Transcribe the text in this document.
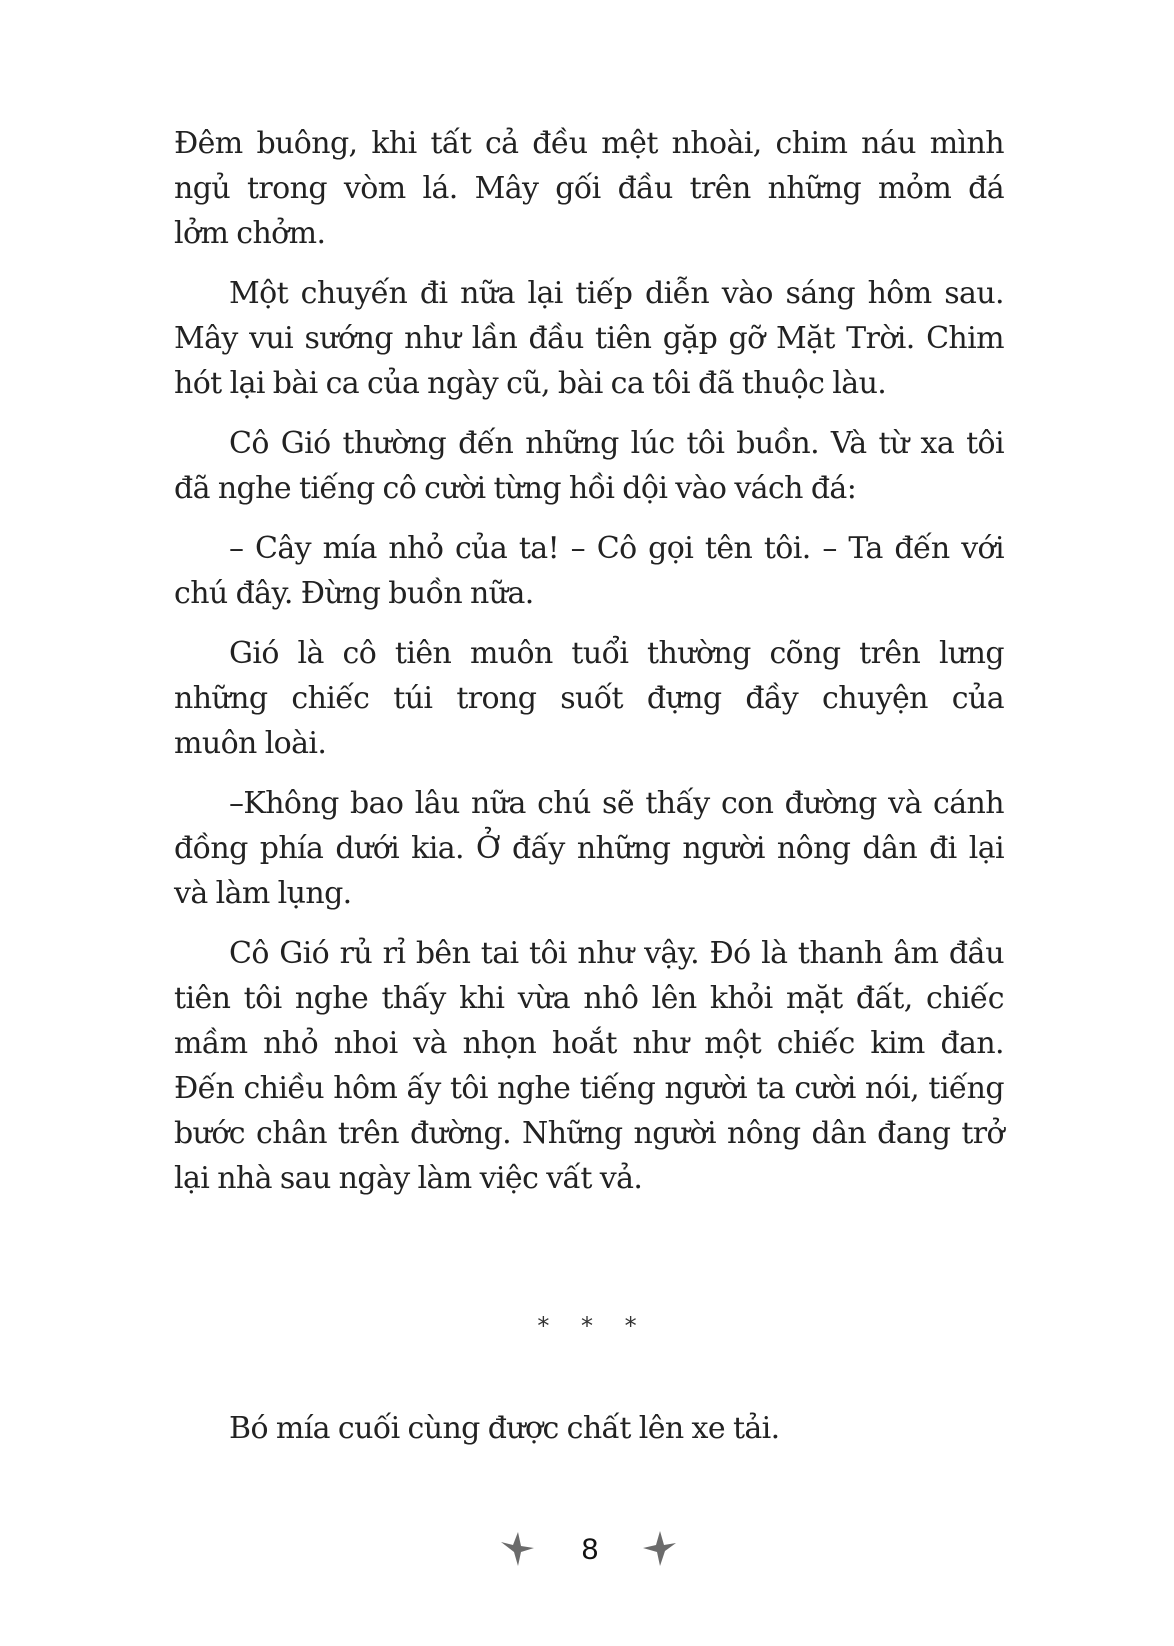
Đêm buông, khi tất cả đều mệt nhoài, chim náu mình
ngủ trong vòm lá. Mây gối đầu trên những mỏm đá
lởm chởm.
Một chuyến đi nữa lại tiếp diễn vào sáng hôm sau.
Mây vui sướng như lần đầu tiên gặp gỡ Mặt Trời. Chim
hót lại bài ca của ngày cũ, bài ca tôi đã thuộc làu.
Cô Gió thường đến những lúc tôi buồn. Và từ xa tôi
đã nghe tiếng cô cười từng hồi dội vào vách đá:
– Cây mía nhỏ của ta! – Cô gọi tên tôi. – Ta đến với
chú đây. Đừng buồn nữa.
Gió là cô tiên muôn tuổi thường cõng trên lưng
những chiếc túi trong suốt đựng đầy chuyện của
muôn loài.
–Không bao lâu nữa chú sẽ thấy con đường và cánh
đồng phía dưới kia. Ở đấy những người nông dân đi lại
và làm lụng.
Cô Gió rủ rỉ bên tai tôi như vậy. Đó là thanh âm đầu
tiên tôi nghe thấy khi vừa nhô lên khỏi mặt đất, chiếc
mầm nhỏ nhoi và nhọn hoắt như một chiếc kim đan.
Đến chiều hôm ấy tôi nghe tiếng người ta cười nói, tiếng
bước chân trên đường. Những người nông dân đang trở
lại nhà sau ngày làm việc vất vả.
Bó mía cuối cùng được chất lên xe tải.
* * *
8
